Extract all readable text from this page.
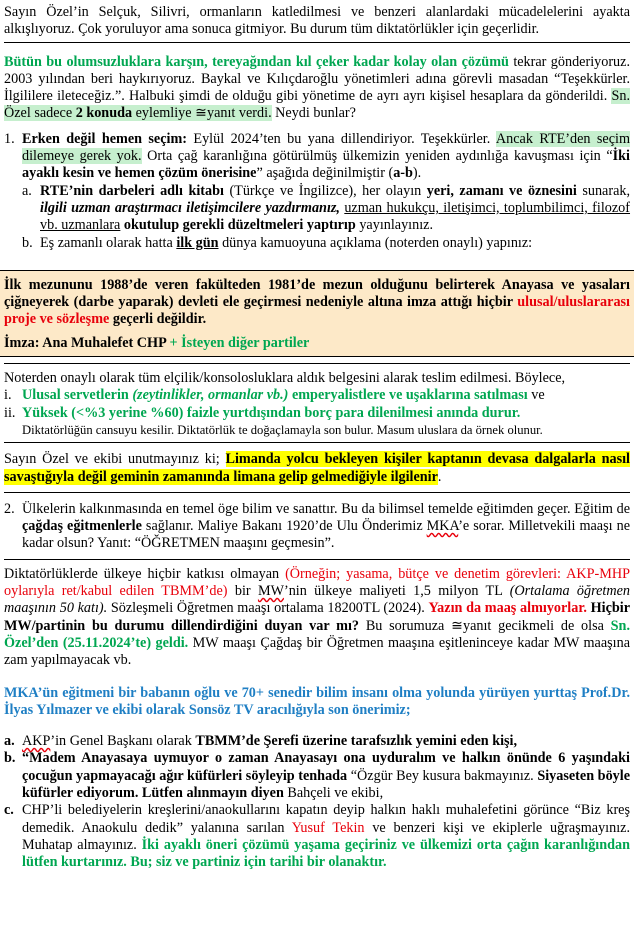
Sayın Özel’in Selçuk, Silivri, ormanların katledilmesi ve benzeri alanlardaki mücadelelerini ayakta alkışlıyoruz. Çok yoruluyor ama sonuca gitmiyor. Bu durum tüm diktatörlükler için geçerlidir.

Bütün bu olumsuzluklara karşın, tereyağından kıl çeker kadar kolay olan çözümü tekrar gönderiyoruz. 2003 yılından beri haykırıyoruz. Baykal ve Kılıçdaroğlu yönetimleri adına görevli masadan “Teşekkürler. İlgililere ileteceğiz.”. Halbuki şimdi de olduğu gibi yönetime de ayrı ayrı kişisel hesaplara da gönderildi. Sn. Özel sadece 2 konuda eylemliye ≅yanıt verdi. Neydi bunlar?

1. Erken değil hemen seçim: Eylül 2024’ten bu yana dillendiriyor. Teşekkürler. Ancak RTE’den seçim dilemeye gerek yok. Orta çağ karanlığına götürülmüş ülkemizin yeniden aydınlığa kavuşması için “İki ayaklı kesin ve hemen çözüm önerisine” aşağıda değinilmiştir (a-b).
a. RTE’nin darbeleri adlı kitabı (Türkçe ve İngilizce), her olayın yeri, zamanı ve öznesini sunarak, ilgili uzman araştırmacı iletişimcilere yazdırmanız, uzman hukukçu, iletişimci, toplumbilimci, filozof vb. uzmanlara okutulup gerekli düzeltmeleri yaptırıp yayınlayınız.
b. Eş zamanlı olarak hatta ilk gün dünya kamuoyuna açıklama (noterden onaylı) yapınız:

İlk mezununu 1988’de veren fakülteden 1981’de mezun olduğunu belirterek Anayasa ve yasaları çiğneyerek (darbe yaparak) devleti ele geçirmesi nedeniyle altına imza attığı hiçbir ulusal/uluslararası proje ve sözleşme geçerli değildir.

İmza: Ana Muhalefet CHP + İsteyen diğer partiler

Noterden onaylı olarak tüm elçilik/konsolosluklara aldık belgesini alarak teslim edilmesi. Böylece,

i. Ulusal servetlerin (zeytinlikler, ormanlar vb.) emperyalistlere ve uşaklarına satılması ve
ii. Yüksek (<%3 yerine %60) faizle yurtdışından borç para dilenilmesi anında durur.

Diktatörlüğün cansuyu kesilir. Diktatörlük te doğaçlamayla son bulur. Masum uluslara da örnek olunur.

Sayın Özel ve ekibi unutmayınız ki; Limanda yolcu bekleyen kişiler kaptanın devasa dalgalarla nasıl savaştığıyla değil geminin zamanında limana gelip gelmediğiyle ilgilenir.

2. Ülkelerin kalkınmasında en temel öge bilim ve sanattır. Bu da bilimsel temelde eğitimden geçer. Eğitim de çağdaş eğitmenlerle sağlanır. Maliye Bakanı 1920’de Ulu Önderimiz MKA’e sorar. Milletvekili maaşı ne kadar olsun? Yanıt: “ÖĞRETMEN maaşını geçmesin”.

Diktatörlüklerde ülkeye hiçbir katkısı olmayan (Örneğin; yasama, bütçe ve denetim görevleri: AKP-MHP oylarıyla ret/kabul edilen TBMM’de) bir MW’nin ülkeye maliyeti 1,5 milyon TL (Ortalama öğretmen maaşının 50 katı). Sözleşmeli Öğretmen maaşı ortalama 18200TL (2024). Yazın da maaş almıyorlar. Hiçbir MW/partinin bu durumu dillendirdiğini duyan var mı? Bu sorumuza ≅yanıt gecikmeli de olsa Sn. Özel’den (25.11.2024’te) geldi. MW maaşı Çağdaş bir Öğretmen maaşına eşitleninceye kadar MW maaşına zam yapılmayacak vb.

MKA’ün eğitmeni bir babanın oğlu ve 70+ senedir bilim insanı olma yolunda yürüyen yurttaş Prof.Dr. İlyas Yılmazer ve ekibi olarak Sonsöz TV aracılığıyla son önerimiz;

a. AKP’in Genel Başkanı olarak TBMM’de Şerefi üzerine tarafsızlık yemini eden kişi,
b. “Madem Anayasaya uymuyor o zaman Anayasayı ona uyduralım ve halkın önünde 6 yaşındaki çocuğun yapmayacağı ağır küfürleri söyleyip tenhada “Özgür Bey kusura bakmayınız. Siyaseten böyle küfürler ediyorum. Lütfen alınmayın diyen Bahçeli ve ekibi,
c. CHP’li belediyelerin kreşlerini/anaokullarını kapatın deyip halkın haklı muhalefetini görünce “Biz kreş demedik. Anaokulu dedik” yalanına sarılan Yusuf Tekin ve benzeri kişi ve ekiplerle uğraşmayınız. Muhatap almayınız. İki ayaklı öneri çözümü yaşama geçiriniz ve ülkemizi orta çağın karanlığından lütfen kurtarınız. Bu; siz ve partiniz için tarihi bir olanaktır.
